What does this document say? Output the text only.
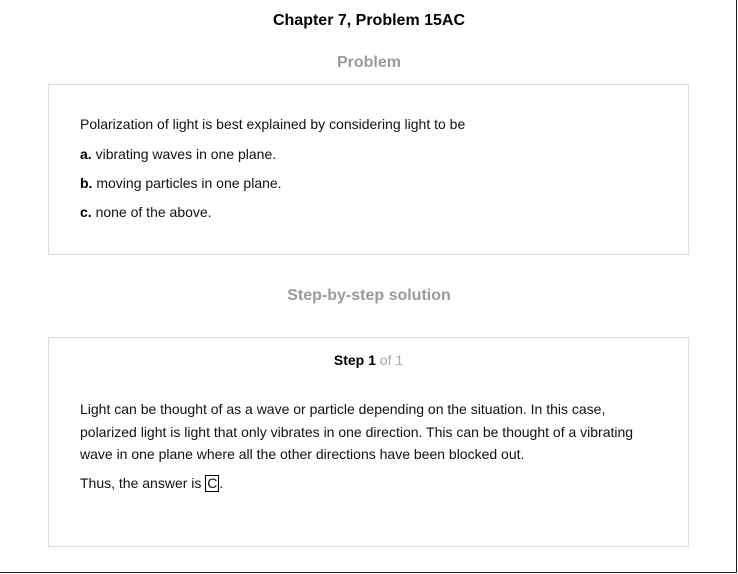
Chapter 7, Problem 15AC
Problem
Polarization of light is best explained by considering light to be
a. vibrating waves in one plane.
b. moving particles in one plane.
c. none of the above.
Step-by-step solution
Step 1 of 1
Light can be thought of as a wave or particle depending on the situation. In this case, polarized light is light that only vibrates in one direction. This can be thought of a vibrating wave in one plane where all the other directions have been blocked out.
Thus, the answer is C .
